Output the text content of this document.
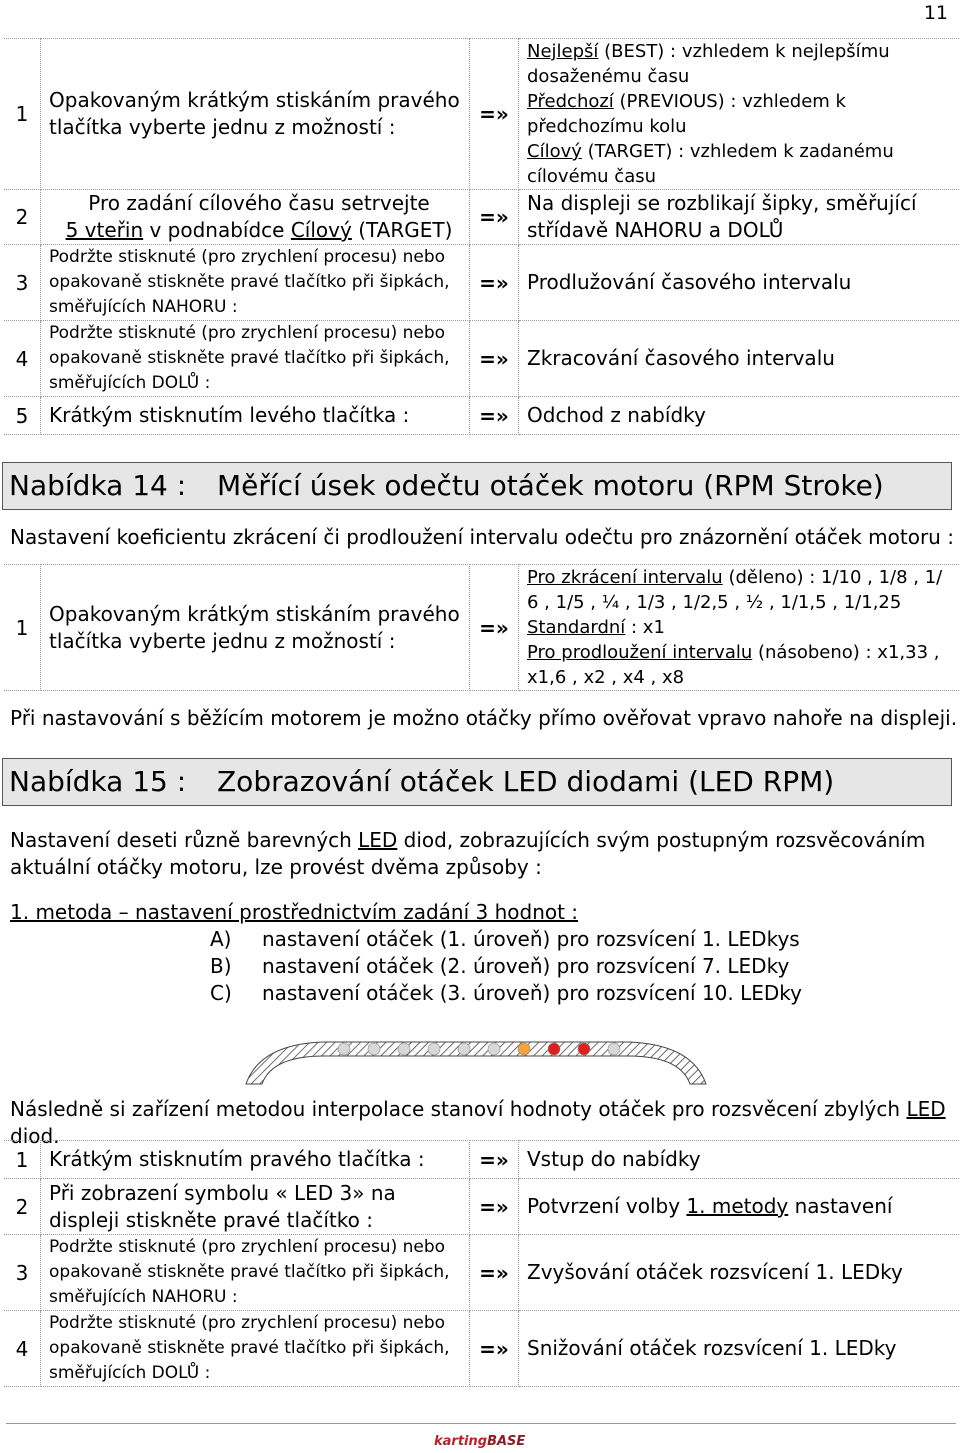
11
1	Opakovaným krátkým stiskáním pravého tlačítka vyberte jednu z možností :	=»	Nejlepší (BEST) : vzhledem k nejlepšímu dosaženému času
Předchozí (PREVIOUS) : vzhledem k předchozímu kolu
Cílový (TARGET) : vzhledem k zadanému cílovému času

2	Pro zadání cílového času setrvejte
5 vteřin v podnabídce Cílový (TARGET)	=»	Na displeji se rozblikají šipky, směřující střídavě NAHORU a DOLŮ
3	Podržte stisknuté (pro zrychlení procesu) nebo opakovaně stiskněte pravé tlačítko při šipkách, směřujících NAHORU :	=»	Prodlužování časového intervalu
4	Podržte stisknuté (pro zrychlení procesu) nebo opakovaně stiskněte pravé tlačítko při šipkách, směřujících DOLŮ :	=»	Zkracování časového intervalu
5	Krátkým stisknutím levého tlačítka :	=»	Odchod z nabídky
Nabídka 14 : Měřící úsek odečtu otáček motoru (RPM Stroke)
Nastavení koeficientu zkrácení či prodloužení intervalu odečtu pro znázornění otáček motoru :
1	Opakovaným krátkým stiskáním pravého tlačítka vyberte jednu z možností :	=»	
Pro zkrácení intervalu (děleno) : 1/10 , 1/8 , 1/ 6 , 1/5 , ¼ , 1/3 , 1/2,5 , ½ , 1/1,5 , 1/1,25
Standardní : x1
Pro prodloužení intervalu (násobeno) : x1,33 , x1,6 , x2 , x4 , x8
Při nastavování s běžícím motorem je možno otáčky přímo ověřovat vpravo nahoře na displeji.
Nabídka 15 : Zobrazování otáček LED diodami (LED RPM)
Nastavení deseti různě barevných LED diod, zobrazujících svým postupným rozsvěcováním aktuální otáčky motoru, lze provést dvěma způsoby :
1. metoda – nastavení prostřednictvím zadání 3 hodnot :
A) nastavení otáček (1. úroveň) pro rozsvícení 1. LEDkys
B) nastavení otáček (2. úroveň) pro rozsvícení 7. LEDky
C) nastavení otáček (3. úroveň) pro rozsvícení 10. LEDky
Následně si zařízení metodou interpolace stanoví hodnoty otáček pro rozsvěcení zbylých LED diod.
1	Krátkým stisknutím pravého tlačítka :	=»	Vstup do nabídky
2	Při zobrazení symbolu « LED 3» na displeji stiskněte pravé tlačítko :	=»	Potvrzení volby 1. metody nastavení
3	Podržte stisknuté (pro zrychlení procesu) nebo opakovaně stiskněte pravé tlačítko při šipkách, směřujících NAHORU :	=»	Zvyšování otáček rozsvícení 1. LEDky
4	Podržte stisknuté (pro zrychlení procesu) nebo opakovaně stiskněte pravé tlačítko při šipkách, směřujících DOLŮ :	=»	Snižování otáček rozsvícení 1. LEDky
kartingBASE
